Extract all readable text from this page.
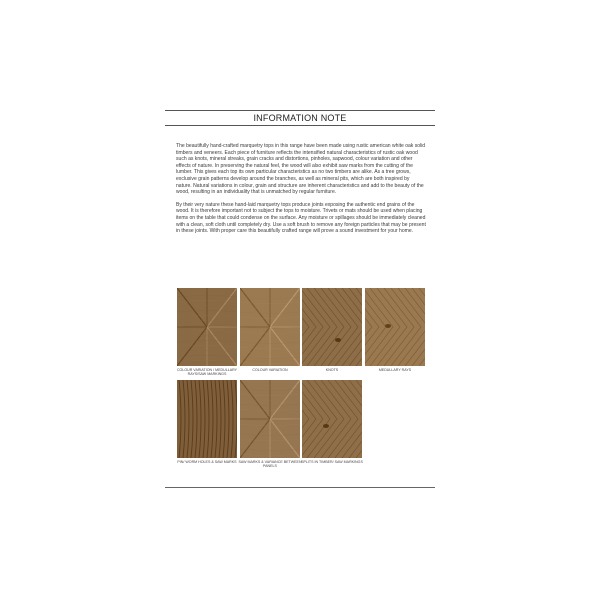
INFORMATION NOTE

The beautifully hand-crafted marquetry tops in this range have been made using rustic american white oak solid timbers and veneers. Each piece of furniture reflects the intensified natural characteristics of rustic oak wood such as knots, mineral streaks, grain cracks and distortions, pinholes, sapwood, colour variation and other effects of nature. In preserving the natural feel, the wood will also exhibit saw marks from the cutting of the lumber. This gives each top its own particular characteristics as no two timbers are alike. As a tree grows, exclusive grain patterns develop around the branches, as well as mineral pits, which are both inspired by nature. Natural variations in colour, grain and structure are inherent characteristics and add to the beauty of the wood, resulting in an individuality that is unmatched by regular furniture.

By their very nature these hand-laid marquetry tops produce joints exposing the authentic end grains of the wood. It is therefore important not to subject the tops to moisture. Trivets or mats should be used when placing items on the table that could condense on the surface. Any moisture or spillages should be immediately cleaned with a clean, soft cloth until completely dry. Use a soft brush to remove any foreign particles that may be present in these joints. With proper care this beautifully crafted range will prove a sound investment for your home.

COLOUR VARIATION / MEDULLARY RAYS/SAW MARKINGS
COLOUR VARIATION	KNOTS	MEDULLARY RAYS
PIN/ WORM HOLES & SAW MARKS SAW MARKS & VARIANCE BETWEEN PANELS
SPLITS IN TIMBER/ SAW MARKINGS
